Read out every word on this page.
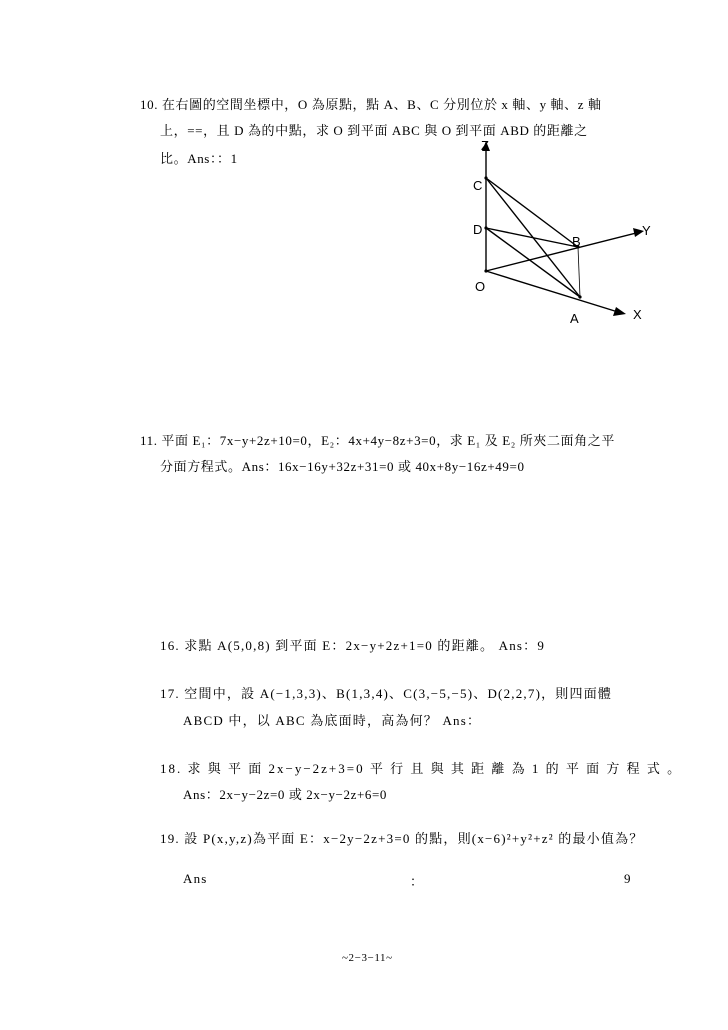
10. 在右圖的空間坐標中，O 為原點，點 A、B、C 分別位於 x 軸、y 軸、z 軸
上，==，且 D 為的中點，求 O 到平面 ABC 與 O 到平面 ABD 的距離之
比。Ans：：1
Z
C
D
B
Y
O
A	X
11. 平面 E₁：7x−y+2z+10=0，E₂：4x+4y−8z+3=0，求 E₁ 及 E₂ 所夾二面角之平
分面方程式。Ans：16x−16y+32z+31=0 或 40x+8y−16z+49=0
16. 求點 A(5,0,8) 到平面 E：2x−y+2z+1=0 的距離。 Ans：9
17. 空間中，設 A(−1,3,3)、B(1,3,4)、C(3,−5,−5)、D(2,2,7)，則四面體
ABCD 中，以 ABC 為底面時，高為何？ Ans：
18. 求 與 平 面 2x−y−2z+3=0 平 行 且 與 其 距 離 為 1 的 平 面 方 程 式 。
Ans：2x−y−2z=0 或 2x−y−2z+6=0
19. 設 P(x,y,z)為平面 E：x−2y−2z+3=0 的點，則(x−6)²+y²+z² 的最小值為？
Ans	：	9
~2−3−11~
